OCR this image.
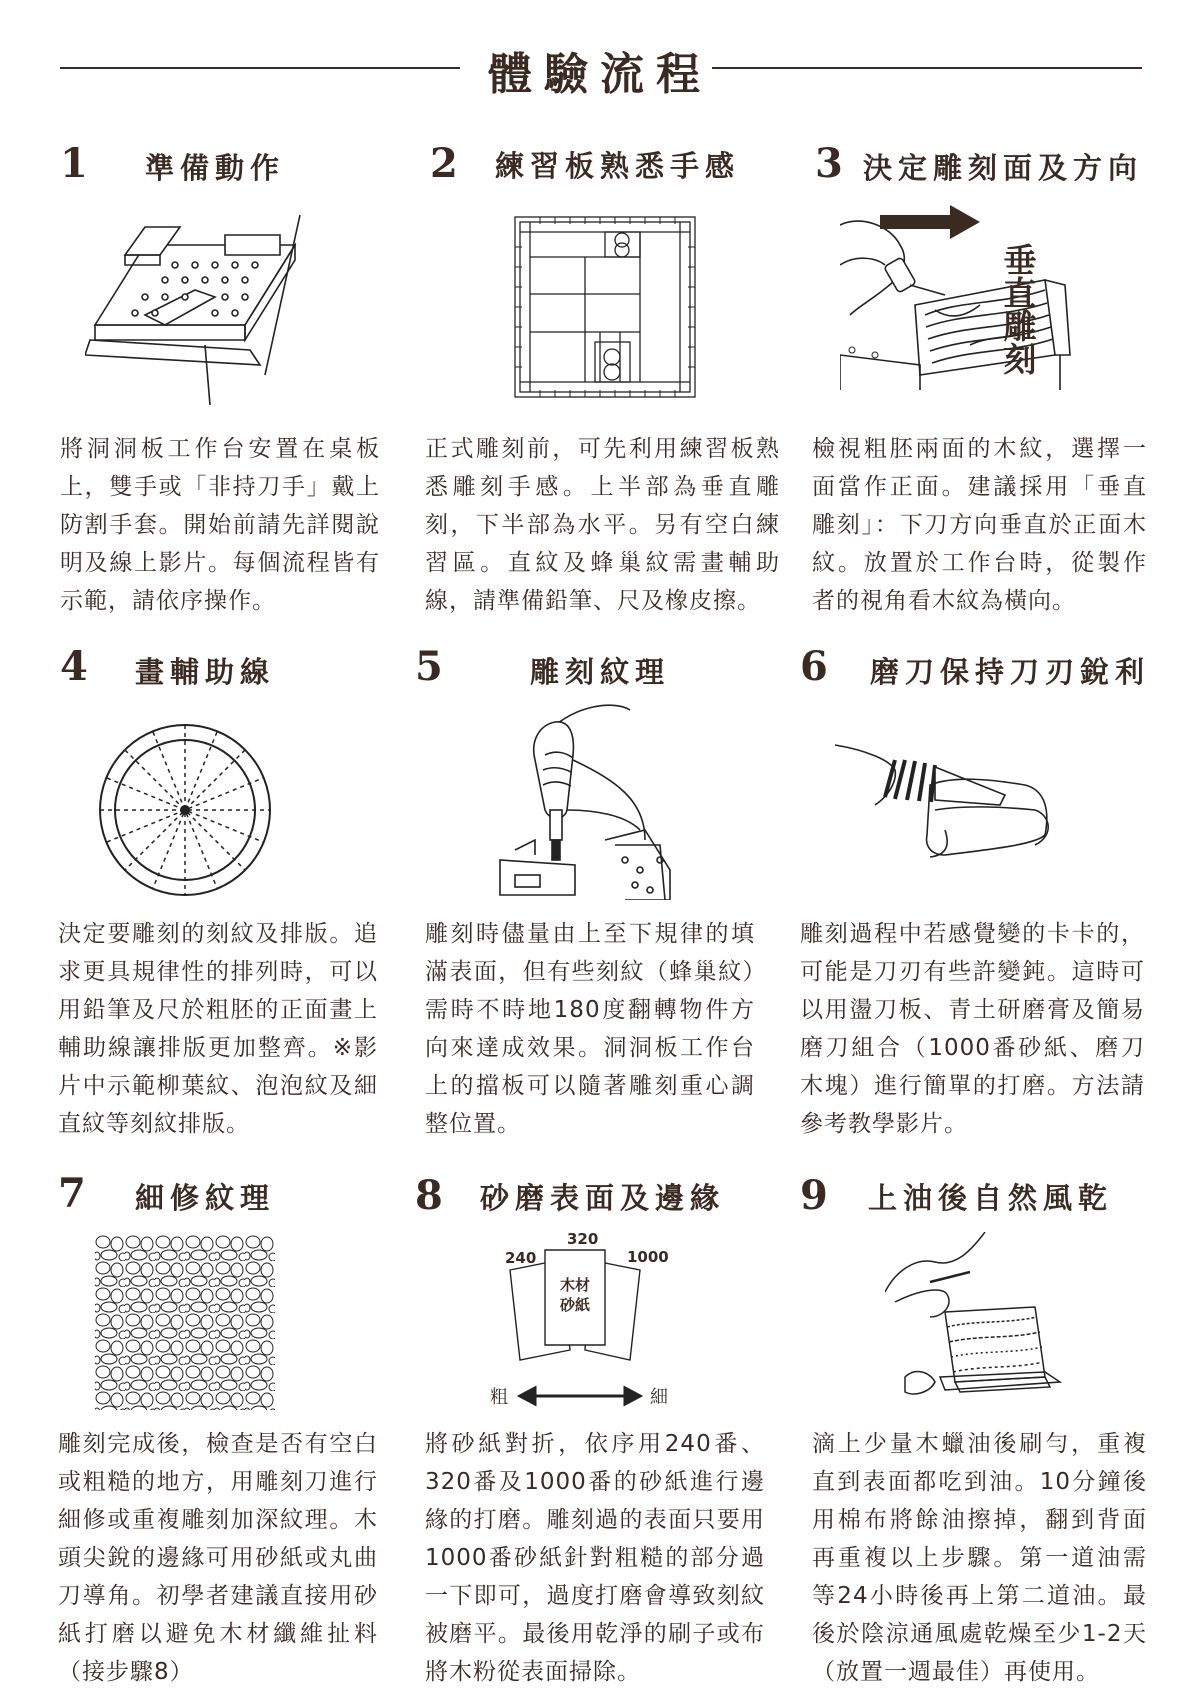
體驗流程
1 準備動作
將洞洞板工作台安置在桌板上，雙手或「非持刀手」戴上防割手套。開始前請先詳閱說明及線上影片。每個流程皆有示範，請依序操作。
2 練習板熟悉手感
正式雕刻前，可先利用練習板熟悉雕刻手感。上半部為垂直雕刻，下半部為水平。另有空白練習區。直紋及蜂巢紋需畫輔助線，請準備鉛筆、尺及橡皮擦。
3 決定雕刻面及方向
垂直雕刻
檢視粗胚兩面的木紋，選擇一面當作正面。建議採用「垂直雕刻」：下刀方向垂直於正面木紋。放置於工作台時，從製作者的視角看木紋為橫向。
4 畫輔助線
決定要雕刻的刻紋及排版。追求更具規律性的排列時，可以用鉛筆及尺於粗胚的正面畫上輔助線讓排版更加整齊。※影片中示範柳葉紋、泡泡紋及細直紋等刻紋排版。
5	雕刻紋理
雕刻時儘量由上至下規律的填滿表面，但有些刻紋（蜂巢紋）需時不時地180度翻轉物件方向來達成效果。洞洞板工作台上的擋板可以隨著雕刻重心調整位置。
6 磨刀保持刀刃銳利
雕刻過程中若感覺變的卡卡的，可能是刀刃有些許變鈍。這時可以用盪刀板、青土研磨膏及簡易磨刀組合（1000番砂紙、磨刀木塊）進行簡單的打磨。方法請參考教學影片。
7 細修紋理
雕刻完成後，檢查是否有空白或粗糙的地方，用雕刻刀進行細修或重複雕刻加深紋理。木頭尖銳的邊緣可用砂紙或丸曲刀導角。初學者建議直接用砂紙打磨以避免木材纖維扯料（接步驟8）
8 砂磨表面及邊緣
240
320
1000
木材
砂紙
粗	細
將砂紙對折，依序用240番、320番及1000番的砂紙進行邊緣的打磨。雕刻過的表面只要用1000番砂紙針對粗糙的部分過一下即可，過度打磨會導致刻紋被磨平。最後用乾淨的刷子或布將木粉從表面掃除。
9 上油後自然風乾
滴上少量木蠟油後刷勻，重複直到表面都吃到油。10分鐘後用棉布將餘油擦掉，翻到背面再重複以上步驟。第一道油需等24小時後再上第二道油。最後於陰涼通風處乾燥至少1-2天（放置一週最佳）再使用。
